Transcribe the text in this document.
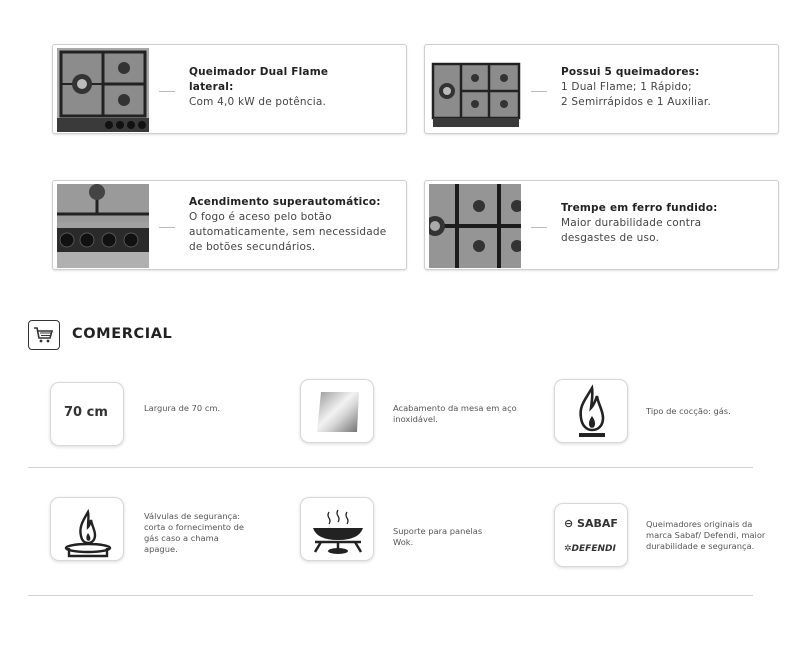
Queimador Dual Flame lateral:
Com 4,0 kW de potência.
Possui 5 queimadores:
1 Dual Flame; 1 Rápido;
2 Semirrápidos e 1 Auxiliar.
Acendimento superautomático:
O fogo é aceso pelo botão automaticamente, sem necessidade de botões secundários.
Trempe em ferro fundido:
Maior durabilidade contra desgastes de uso.
COMERCIAL
70 cm	Largura de 70 cm.	Acabamento da mesa em aço inoxidável.
Tipo de cocção: gás.
Válvulas de segurança: corta o fornecimento de gás caso a chama apague.
Suporte para panelas Wok.
⊖ SABAF
✲DEFENDI
Queimadores originais da marca Sabaf/ Defendi, maior durabilidade e segurança.
